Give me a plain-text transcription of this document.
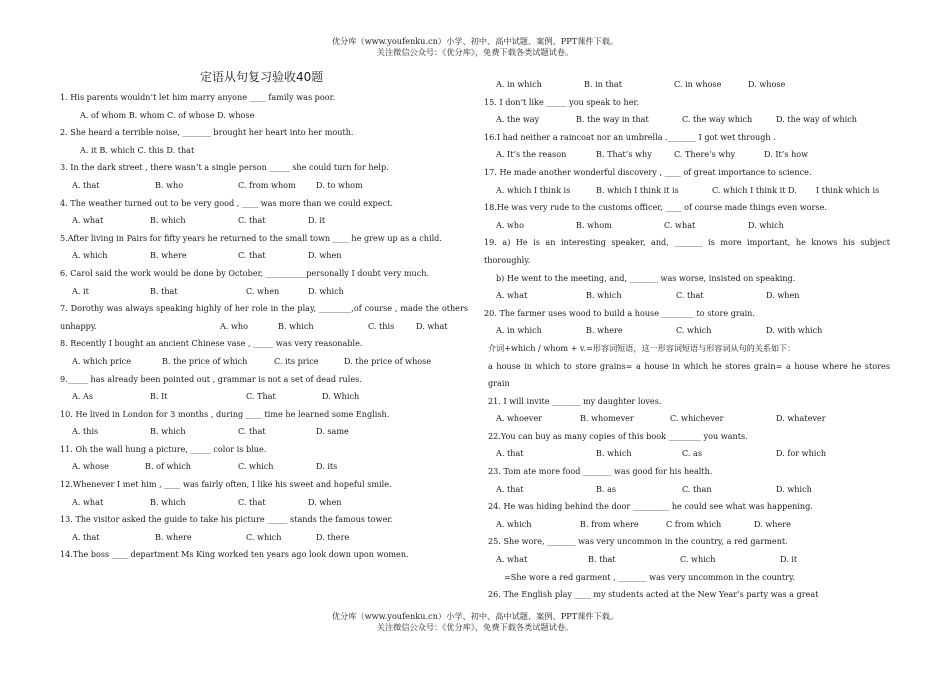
优分库（www.youfenku.cn）小学、初中、高中试题、案例、PPT课件下载。
关注微信公众号：《优分库》，免费下载各类试题试卷。
定语从句复习验收40题
1. His parents wouldn’t let him marry anyone ____ family was poor.
A. of whom B. whom C. of whose D. whose
2. She heard a terrible noise, _______ brought her heart into her mouth.
A. it B. which C. this D. that
3. In the dark street , there wasn’t a single person _____ she could turn for help.
A. that	B. who	C. from whom	D. to whom
4. The weather turned out to be very good , ____ was more than we could expect.
A. what	B. which	C. that	D. it
5.After living in Pairs for fifty years he returned to the small town ____ he grew up as a child.
A. which	B. where	C. that	D. when
6. Carol said the work would be done by October, __________personally I doubt very much.
A. it	B. that	C. when	D. which
7. Dorothy was always speaking highly of her role in the play, ________,of course , made the others unhappy.	A. who	B. which	C. this	D. what
8. Recently I bought an ancient Chinese vase , _____ was very reasonable.
A. which price	B. the price of which	C. its price	D. the price of whose
9._____ has already been pointed out , grammar is not a set of dead rules.
A. As	B. It	C. That	D. Which
10. He lived in London for 3 months , during ____ time he learned some English.
A. this	B. which	C. that	D. same
11. Oh the wall hung a picture, _____ color is blue.
A. whose	B. of which	C. which	D. its
12.Whenever I met him , ____ was fairly often, I like his sweet and hopeful smile.
A. what	B. which	C. that	D. when
13. The visitor asked the guide to take his picture _____ stands the famous tower.
A. that	B. where	C. which	D. there
14.The boss ____ department Ms King worked ten years ago look down upon women.
A. in which	B. in that	C. in whose	D. whose
15. I don’t like _____ you speak to her.
A. the way	B. the way in that	C. the way which	D. the way of which
16.I had neither a raincoat nor an umbrella ._______ I got wet through .
A. It’s the reason	B. That’s why	C. There’s why	D. It’s how
17. He made another wonderful discovery , ____ of great importance to science.
A. which I think is	B. which I think it is	C. which I think it D. I think which is
18.He was very rude to the customs officer, ____ of course made things even worse.
A. who	B. whom	C. what	D. which
19. a) He is an interesting speaker, and, _______ is more important, he knows his subject thoroughly.
b) He went to the meeting, and, _______ was worse, insisted on speaking.
A. what	B. which	C. that	D. when
20. The farmer uses wood to build a house ________ to store grain.
A. in which	B. where	C. which	D. with which
介词+which / whom + v.=形容词短语，这一形容词短语与形容词从句的关系如下：
a house in which to store grains= a house in which he stores grain= a house where he stores grain
21. I will invite _______ my daughter loves.
A. whoever	B. whomever	C. whichever	D. whatever
22.You can buy as many copies of this book ________ you wants.
A. that	B. which	C. as	D. for which
23. Tom ate more food _______ was good for his health.
A. that	B. as	C. than	D. which
24. He was hiding behind the door _________ he could see what was happening.
A. which	B. from where	C from which	D. where
25. She wore, _______ was very uncommon in the country, a red garment.
A. what	B. that	C. which	D. it
=She wore a red garment , _______ was very uncommon in the country.
26. The English play ____ my students acted at the New Year’s party was a great
优分库（www.youfenku.cn）小学、初中、高中试题、案例、PPT课件下载。
关注微信公众号：《优分库》，免费下载各类试题试卷。
